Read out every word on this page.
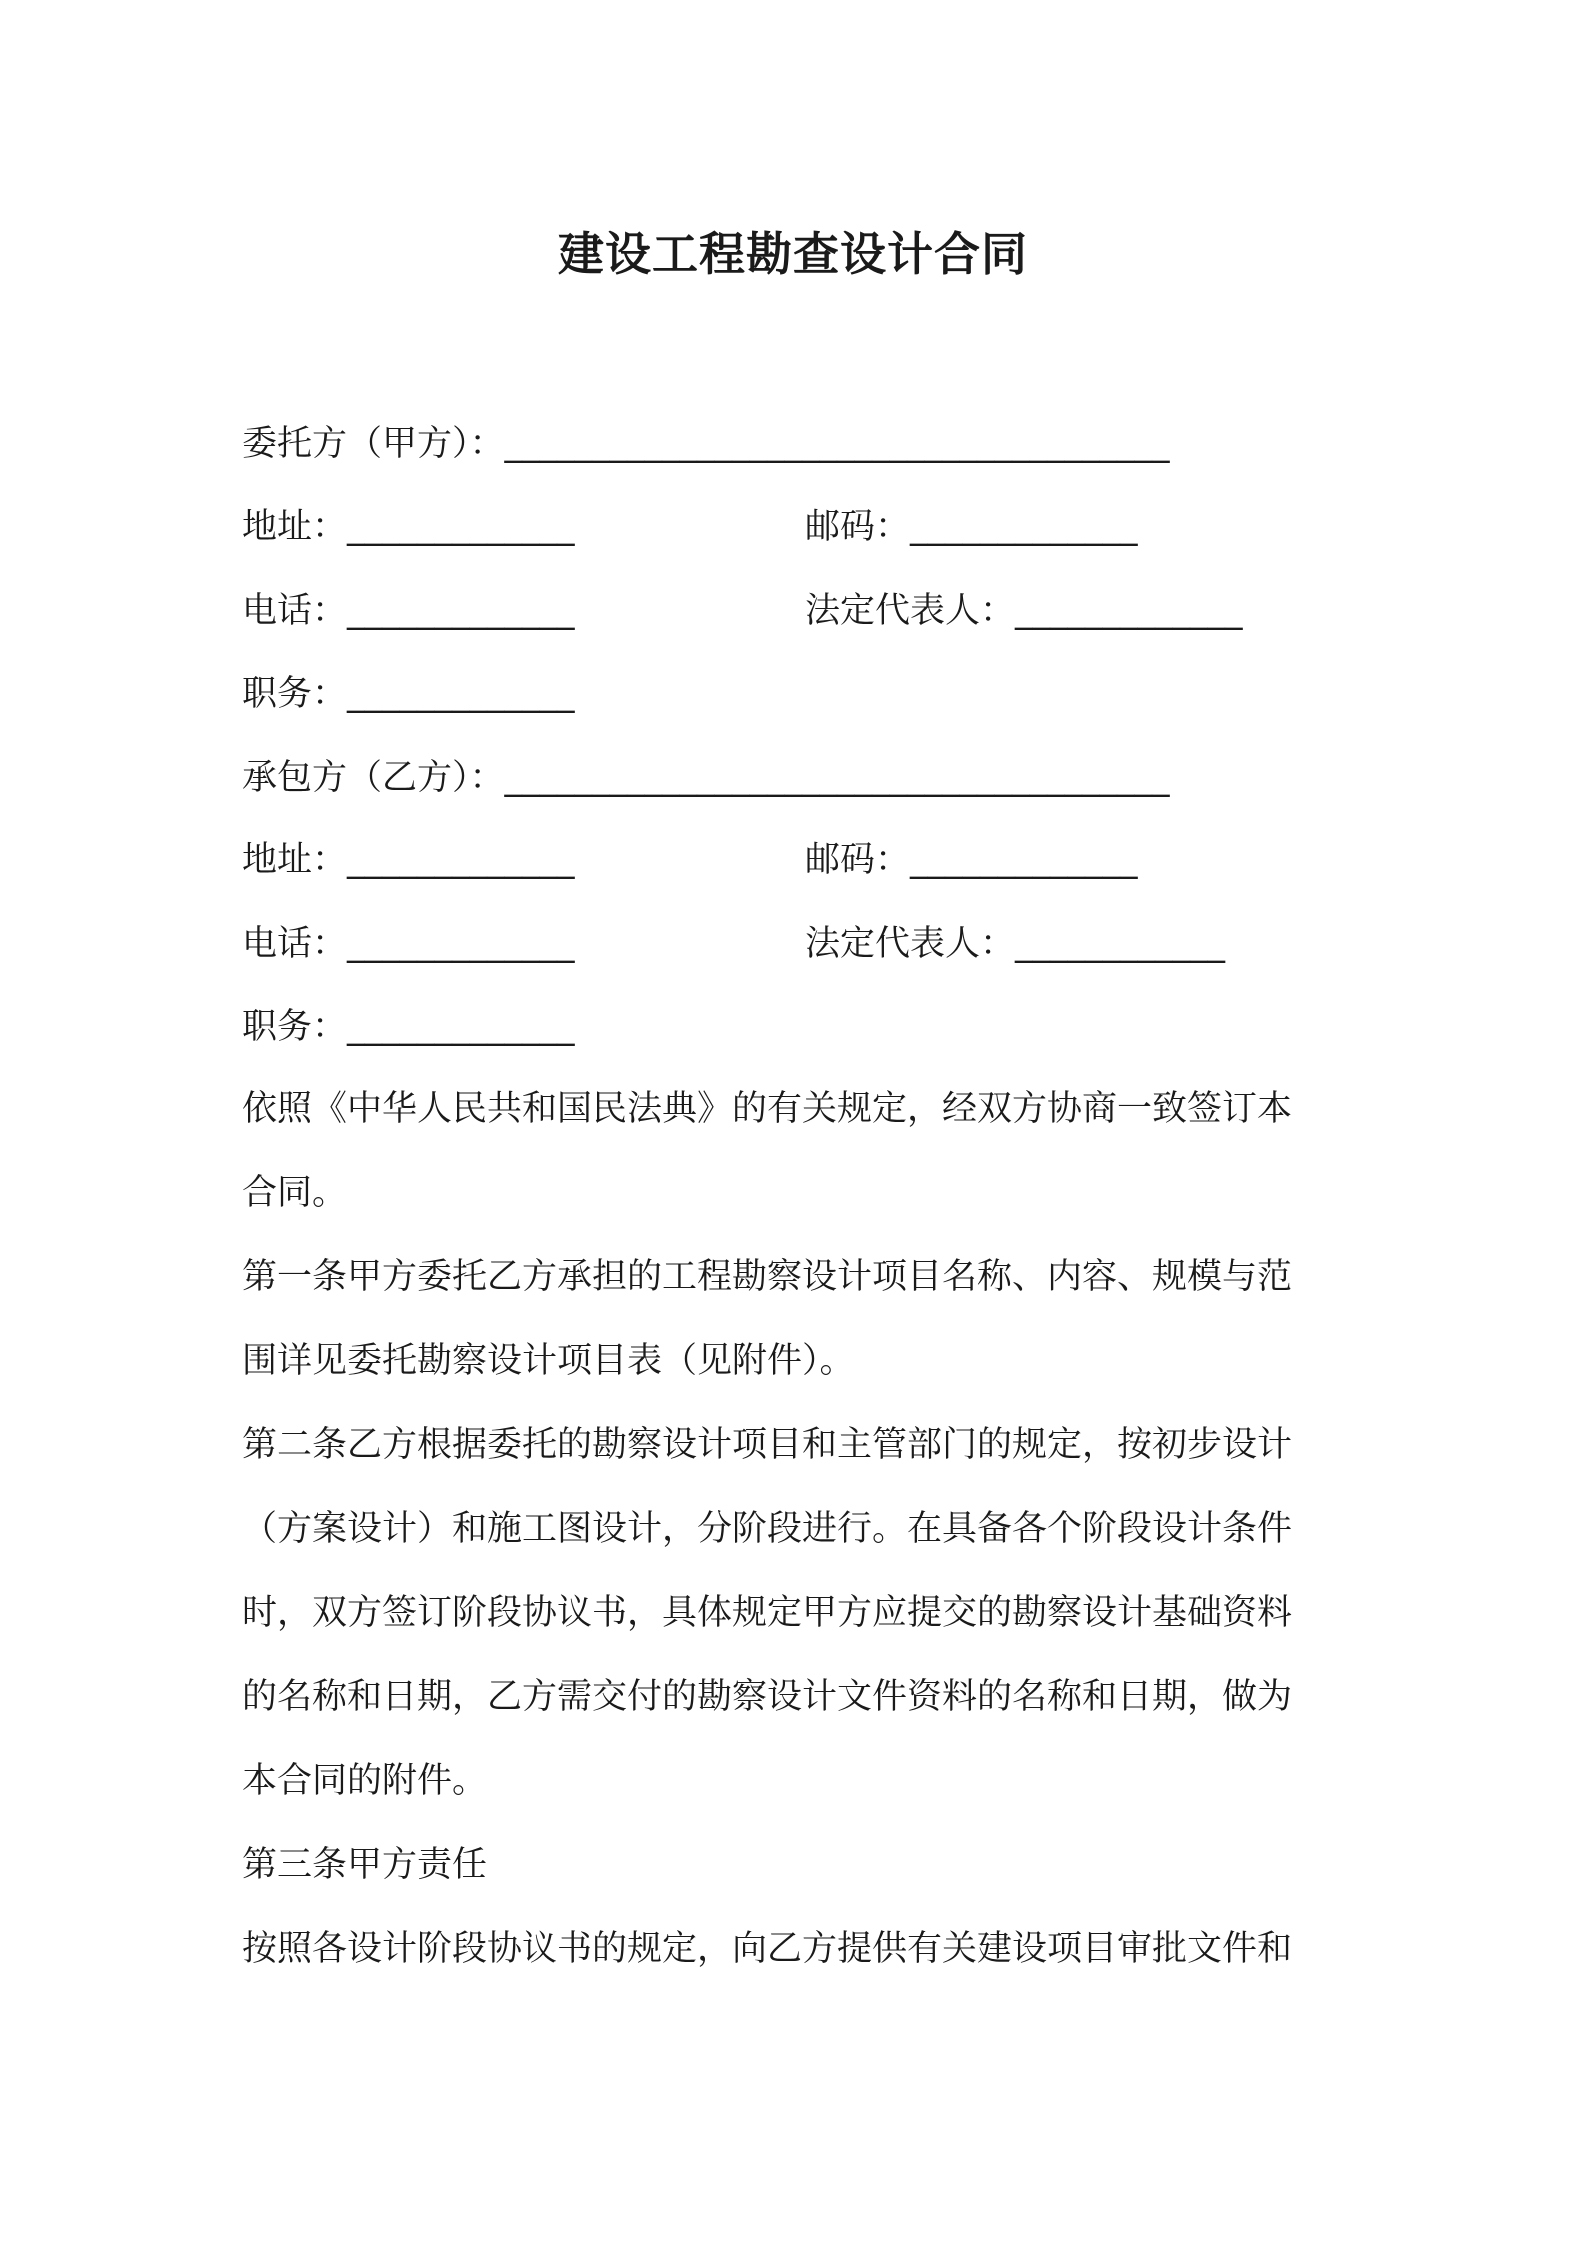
建设工程勘查设计合同
委托方（甲方）：______________________________________
地址：_____________	邮码：_____________
电话：_____________	法定代表人：_____________
职务：_____________
承包方（乙方）：______________________________________
地址：_____________	邮码：_____________
电话：_____________	法定代表人：____________
职务：_____________
依照《中华人民共和国民法典》的有关规定，经双方协商一致签订本
合同。
第一条甲方委托乙方承担的工程勘察设计项目名称、内容、规模与范
围详见委托勘察设计项目表（见附件）。
第二条乙方根据委托的勘察设计项目和主管部门的规定，按初步设计
（方案设计）和施工图设计，分阶段进行。在具备各个阶段设计条件
时，双方签订阶段协议书，具体规定甲方应提交的勘察设计基础资料
的名称和日期，乙方需交付的勘察设计文件资料的名称和日期，做为
本合同的附件。
第三条甲方责任
按照各设计阶段协议书的规定，向乙方提供有关建设项目审批文件和
